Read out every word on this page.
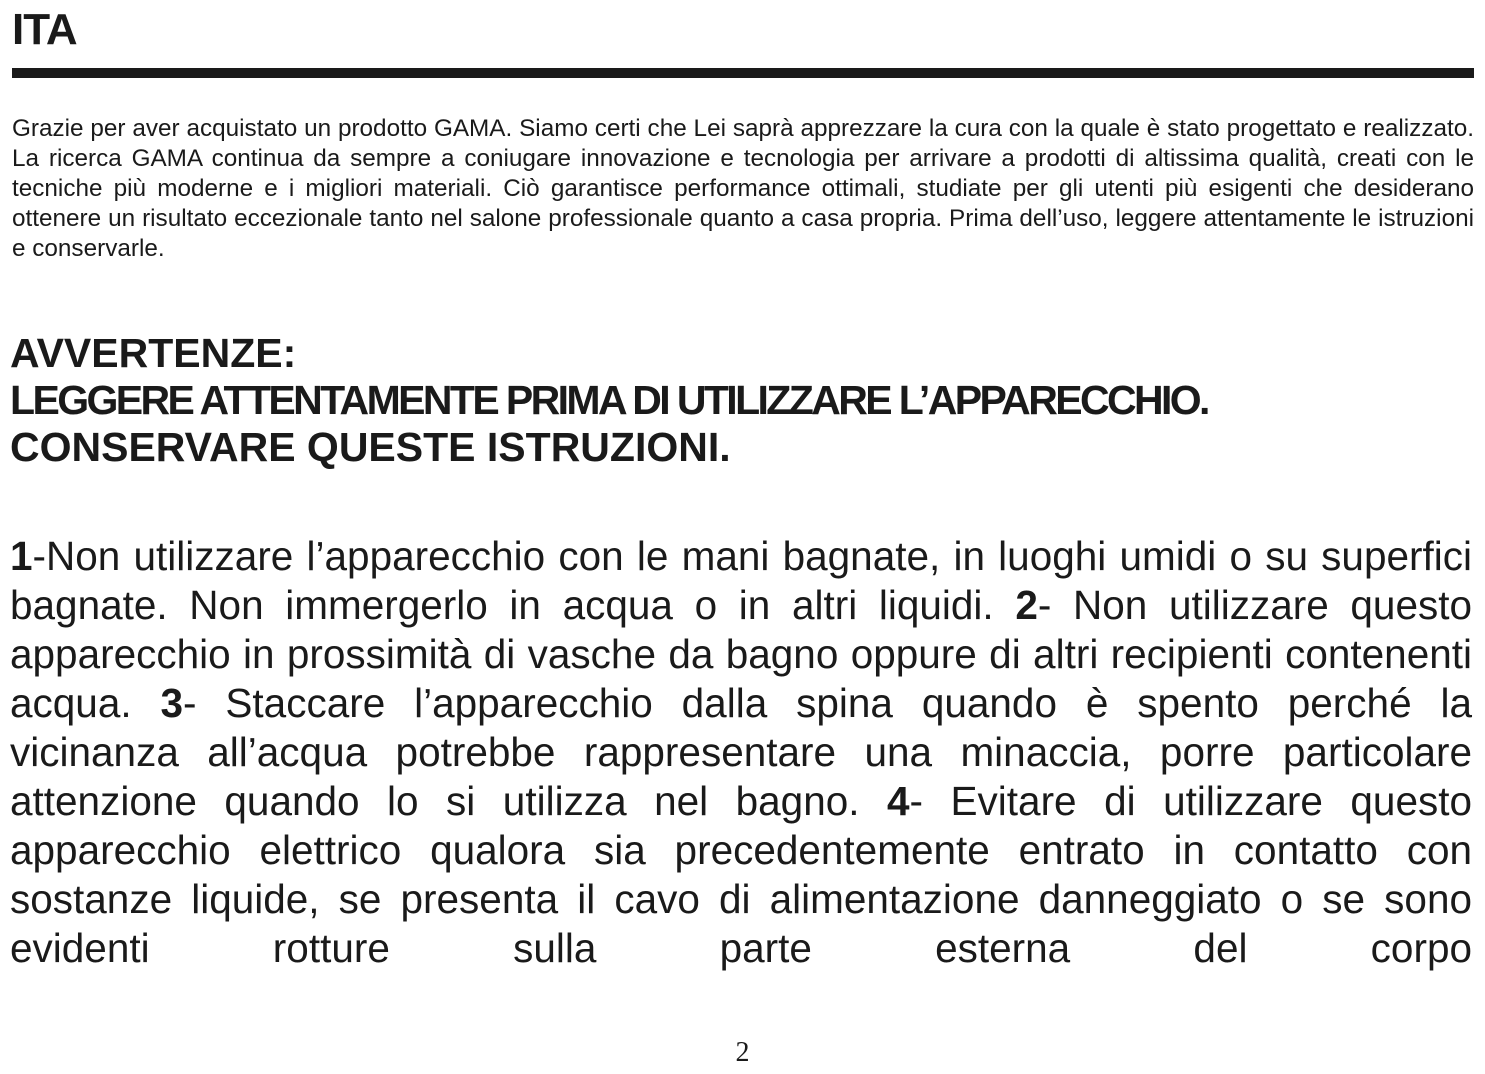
ITA

Grazie per aver acquistato un prodotto GAMA. Siamo certi che Lei saprà apprezzare la cura con la quale è stato progettato e realizzato. La ricerca GAMA continua da sempre a coniugare innovazione e tecnologia per arrivare a prodotti di altissima qualità, creati con le tecniche più moderne e i migliori materiali. Ciò garantisce performance ottimali, studiate per gli utenti più esigenti che desiderano ottenere un risultato eccezionale tanto nel salone professionale quanto a casa propria. Prima dell’uso, leggere attentamente le istruzioni e conservarle.

AVVERTENZE:
LEGGERE ATTENTAMENTE PRIMA DI UTILIZZARE L’APPARECCHIO.
CONSERVARE QUESTE ISTRUZIONI.

1-Non utilizzare l’apparecchio con le mani bagnate, in luoghi umidi o su superfici bagnate. Non immergerlo in acqua o in altri liquidi. 2- Non utilizzare questo apparecchio in prossimità di vasche da bagno oppure di altri recipienti contenenti acqua. 3- Staccare l’apparecchio dalla spina quando è spento perché la vicinanza all’acqua potrebbe rappresentare una minaccia, porre particolare attenzione quando lo si utilizza nel bagno. 4- Evitare di utilizzare questo apparecchio elettrico qualora sia precedentemente entrato in contatto con sostanze liquide, se presenta il cavo di alimentazione danneggiato o se sono evidenti rotture sulla parte esterna del corpo

2
